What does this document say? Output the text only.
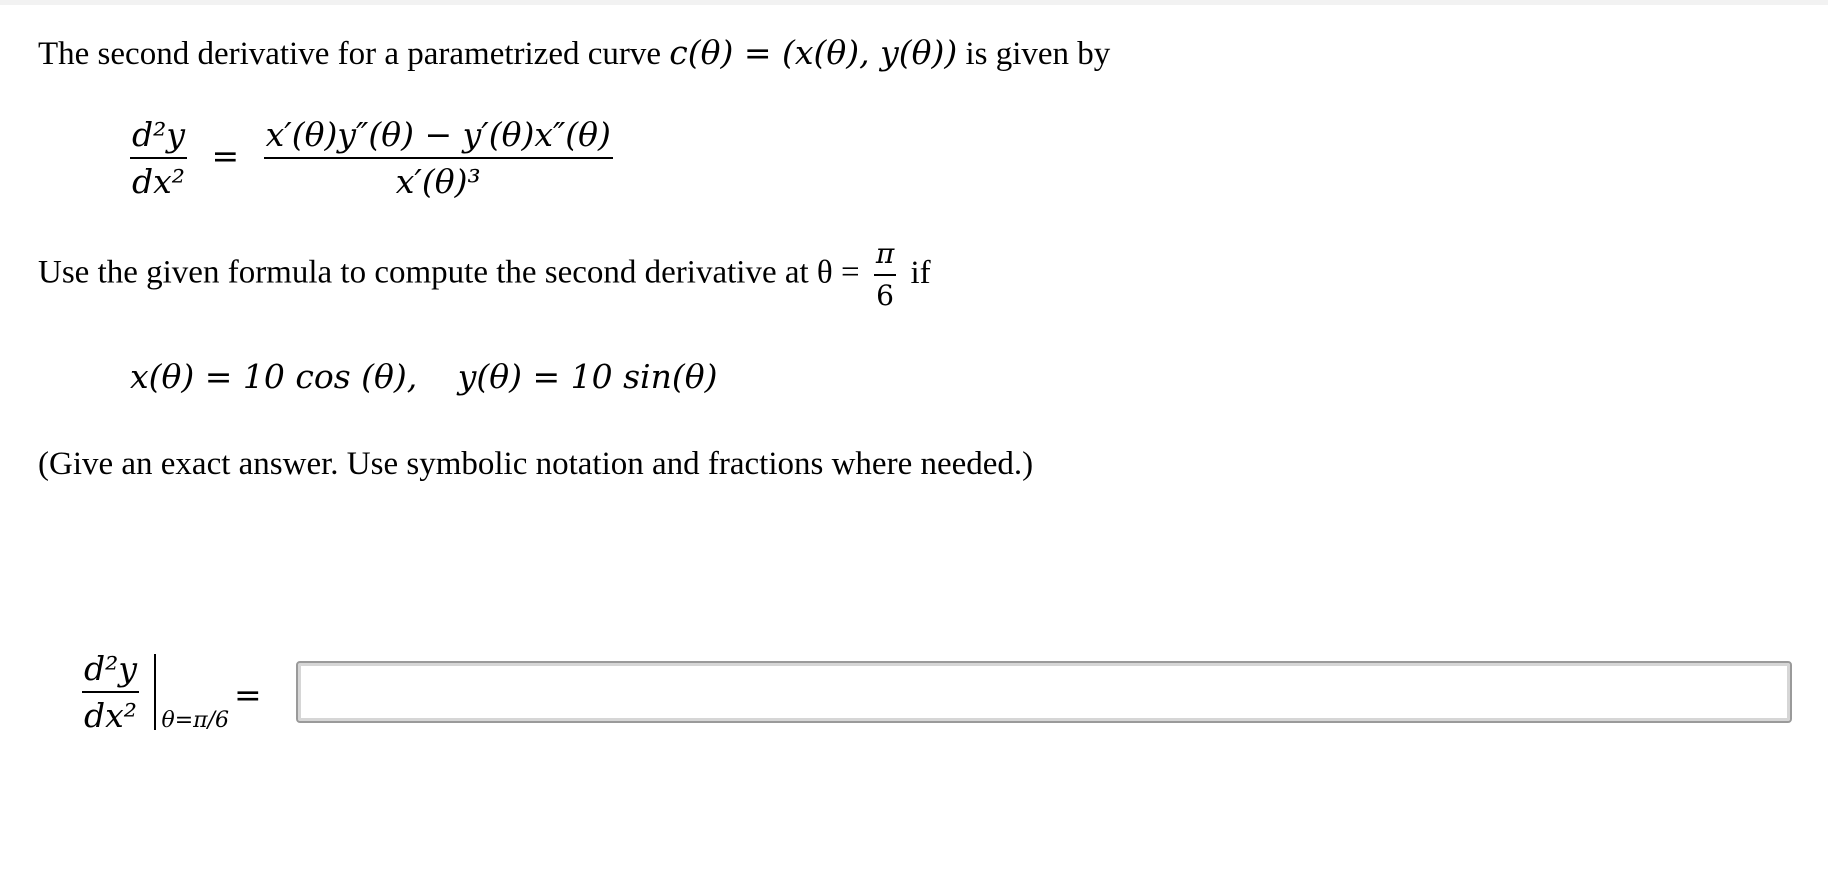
The second derivative for a parametrized curve c(θ) = (x(θ), y(θ)) is given by
$\frac{\text{d²y}}{\text{dx²}} = \frac{x'(\theta)y''(\theta) - y'(\theta)x''(\theta)}{\text{x′(θ)³}}$
Use the given formula to compute the second derivative at $\theta = \frac{\pi}{6}$ if
x(θ) = 10 cos (θ), y(θ) = 10 sin(θ)
(Give an exact answer. Use symbolic notation and fractions where needed.)
$\frac{\text{d²y}}{\text{dx²}}$
θ=π/6
=
